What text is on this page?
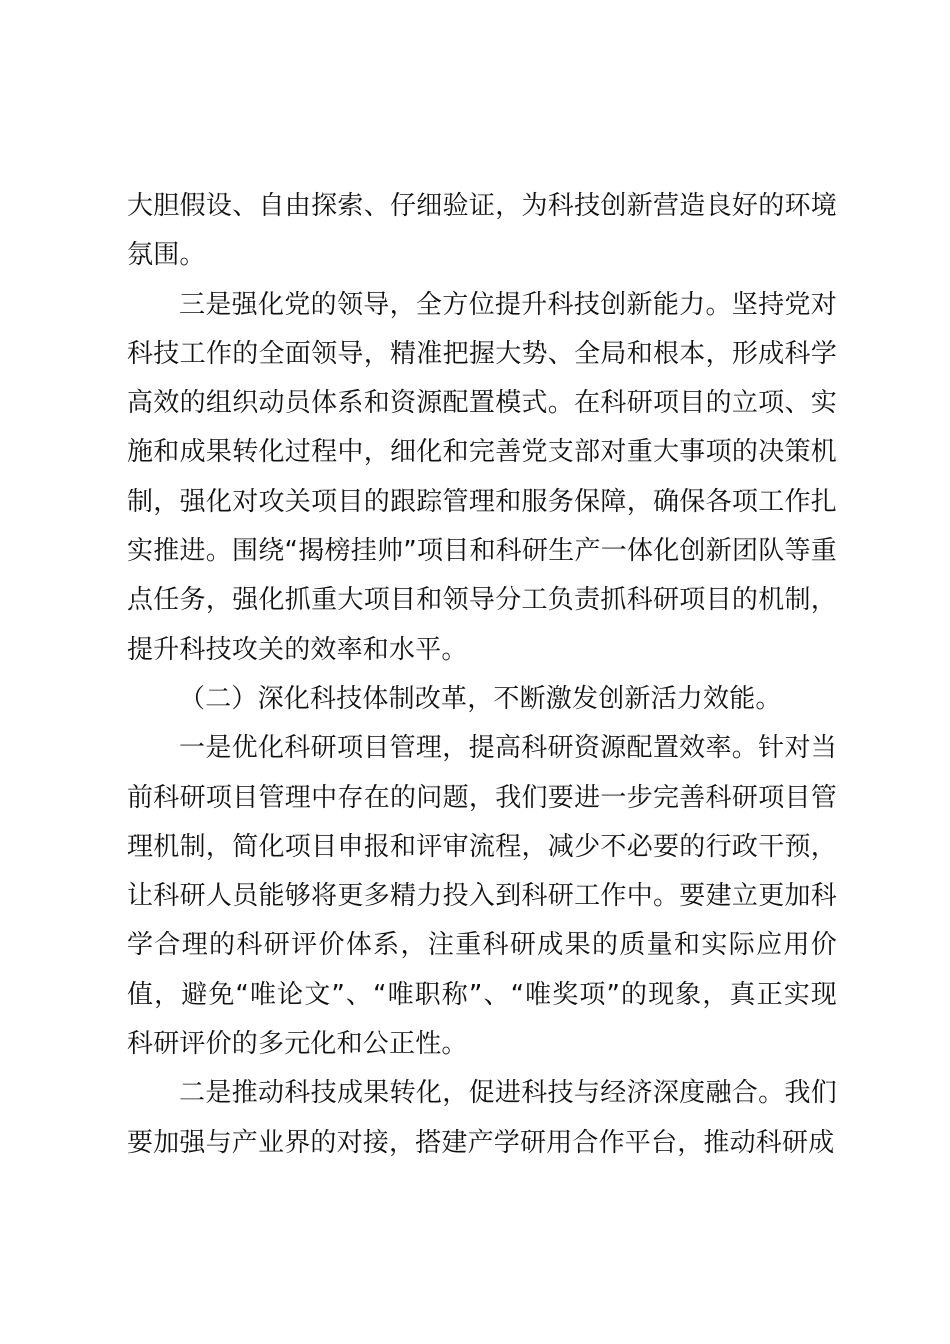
大胆假设、自由探索、仔细验证，为科技创新营造良好的环境氛围。

三是强化党的领导，全方位提升科技创新能力。坚持党对科技工作的全面领导，精准把握大势、全局和根本，形成科学高效的组织动员体系和资源配置模式。在科研项目的立项、实施和成果转化过程中，细化和完善党支部对重大事项的决策机制，强化对攻关项目的跟踪管理和服务保障，确保各项工作扎实推进。围绕“揭榜挂帅”项目和科研生产一体化创新团队等重点任务，强化抓重大项目和领导分工负责抓科研项目的机制，提升科技攻关的效率和水平。

（二）深化科技体制改革，不断激发创新活力效能。

一是优化科研项目管理，提高科研资源配置效率。针对当前科研项目管理中存在的问题，我们要进一步完善科研项目管理机制，简化项目申报和评审流程，减少不必要的行政干预，让科研人员能够将更多精力投入到科研工作中。要建立更加科学合理的科研评价体系，注重科研成果的质量和实际应用价值，避免“唯论文”、“唯职称”、“唯奖项”的现象，真正实现科研评价的多元化和公正性。

二是推动科技成果转化，促进科技与经济深度融合。我们要加强与产业界的对接，搭建产学研用合作平台，推动科研成
